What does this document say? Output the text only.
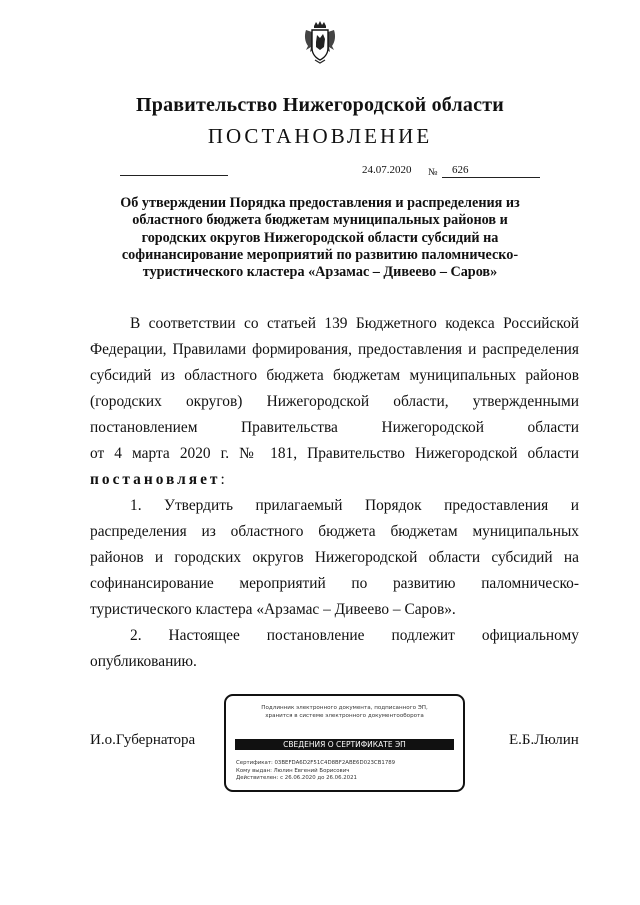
Правительство Нижегородской области
ПОСТАНОВЛЕНИЕ
24.07.2020 №	626
Об утверждении Порядка предоставления и распределения из областного бюджета бюджетам муниципальных районов и городских округов Нижегородской области субсидий на софинансирование мероприятий по развитию паломническо-туристического кластера «Арзамас – Дивеево – Саров»

В соответствии со статьей 139 Бюджетного кодекса Российской Федерации, Правилами формирования, предоставления и распределения субсидий из областного бюджета бюджетам муниципальных районов (городских округов) Нижегородской области, утвержденными постановлением Правительства Нижегородской области

от 4 марта 2020 г. № 181, Правительство Нижегородской области

постановляет:

1. Утвердить прилагаемый Порядок предоставления и распределения из областного бюджета бюджетам муниципальных районов и городских округов Нижегородской области субсидий на софинансирование мероприятий по развитию паломническо-туристического кластера «Арзамас – Дивеево – Саров».

2. Настоящее постановление подлежит официальному

опубликованию.

И.о.Губернатора	Е.Б.Люлин
Подлинник электронного документа, подписанного ЭП,
хранится в системе электронного документооборота
СВЕДЕНИЯ О СЕРТИФИКАТЕ ЭП
Сертификат: 03BEFDA6D2F51C4D8BF2ABE6D023CB1789
Кому выдан: Люлин Евгений Борисович
Действителен: с 26.06.2020 до 26.06.2021
